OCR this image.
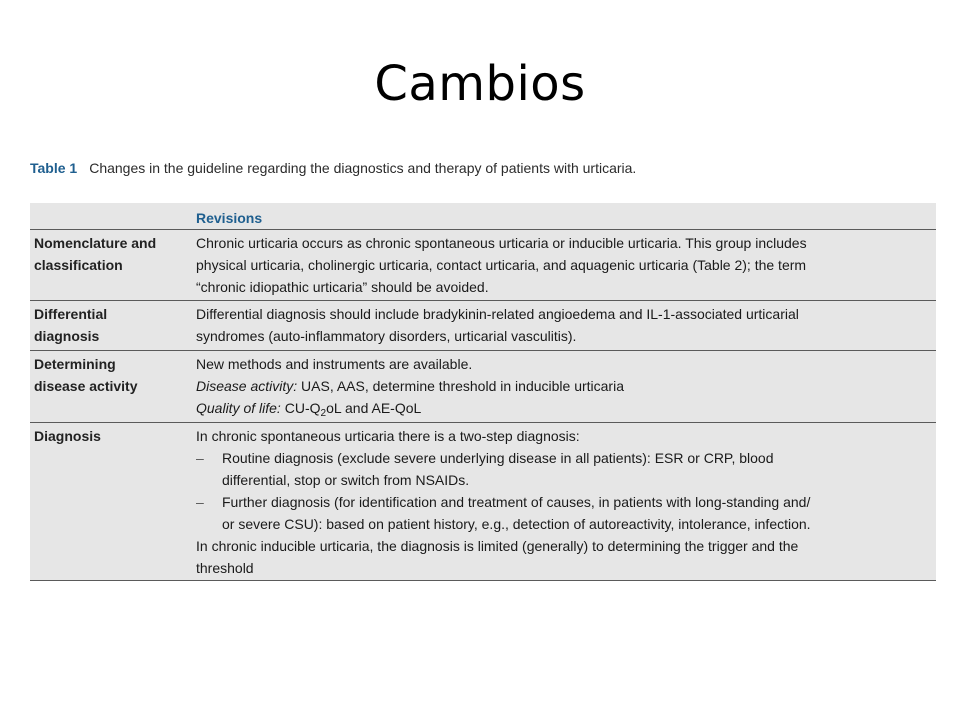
Cambios
Table 1 Changes in the guideline regarding the diagnostics and therapy of patients with urticaria.
Revisions
Nomenclature and
classification
Chronic urticaria occurs as chronic spontaneous urticaria or inducible urticaria. This group includes
physical urticaria, cholinergic urticaria, contact urticaria, and aquagenic urticaria (Table 2); the term
“chronic idiopathic urticaria” should be avoided.
Differential
diagnosis
Differential diagnosis should include bradykinin-related angioedema and IL-1-associated urticarial
syndromes (auto-inflammatory disorders, urticarial vasculitis).
Determining
disease activity
New methods and instruments are available.
Disease activity: UAS, AAS, determine threshold in inducible urticaria
Quality of life: $CU-Q_2oL$ and AE-QoL
Diagnosis	In chronic spontaneous urticaria there is a two-step diagnosis:
– Routine diagnosis (exclude severe underlying disease in all patients): ESR or CRP, blood
differential, stop or switch from NSAIDs.
– Further diagnosis (for identification and treatment of causes, in patients with long-standing and/
or severe CSU): based on patient history, e.g., detection of autoreactivity, intolerance, infection.
In chronic inducible urticaria, the diagnosis is limited (generally) to determining the trigger and the
threshold
